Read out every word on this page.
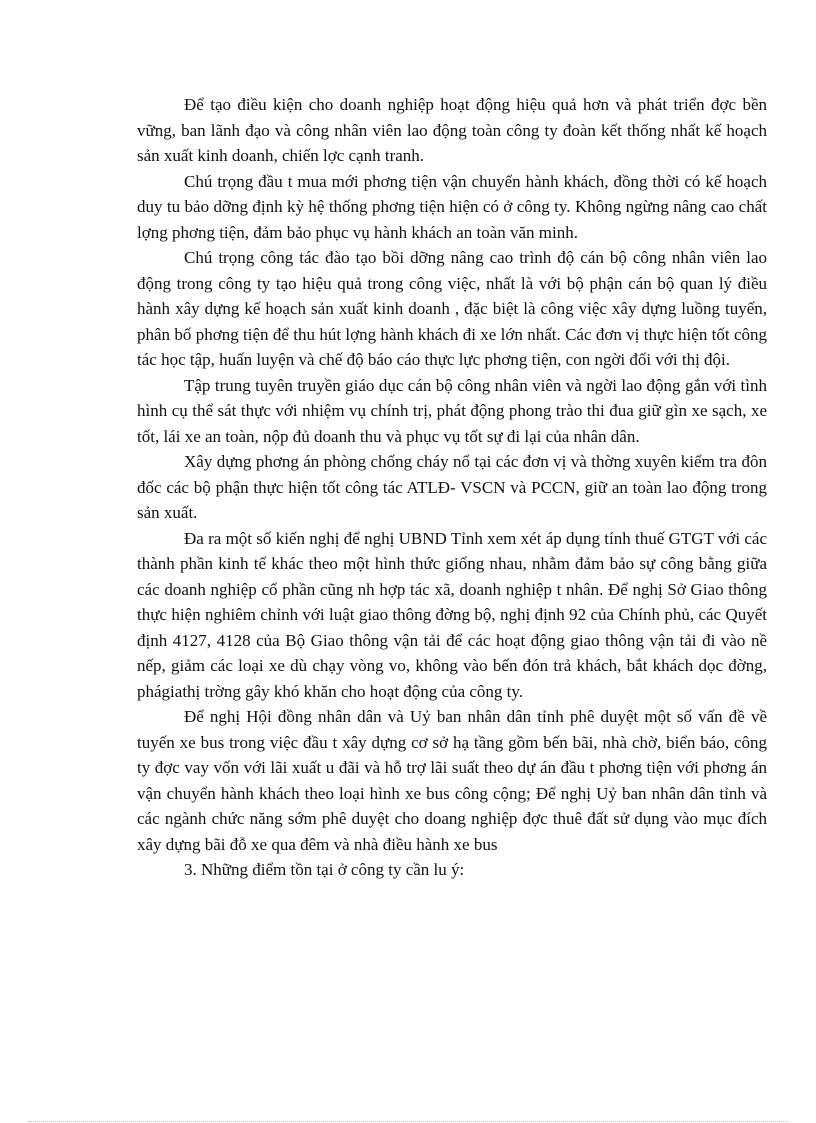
Để tạo điều kiện cho doanh nghiệp hoạt động hiệu quả hơn và phát triển đợc bền vững, ban lãnh đạo và công nhân viên lao động toàn công ty đoàn kết thống nhất kế hoạch sản xuất kinh doanh, chiến lợc cạnh tranh.

Chú trọng đầu t mua mới phơng tiện vận chuyển hành khách, đồng thời có kế hoạch duy tu bảo dỡng định kỳ hệ thống phơng tiện hiện có ở công ty. Không ngừng nâng cao chất lợng phơng tiện, đảm bảo phục vụ hành khách an toàn văn minh.

Chú trọng công tác đào tạo bồi dỡng nâng cao trình độ cán bộ công nhân viên lao động trong công ty tạo hiệu quả trong công việc, nhất là với bộ phận cán bộ quan lý điều hành xây dựng kế hoạch sản xuất kinh doanh , đặc biệt là công việc xây dựng luồng tuyến, phân bố phơng tiện để thu hút lợng hành khách đi xe lớn nhất. Các đơn vị thực hiện tốt công tác học tập, huấn luyện và chế độ báo cáo thực lực phơng tiện, con ngời đối với thị đội.

Tập trung tuyên truyền giáo dục cán bộ công nhân viên và ngời lao động gắn với tình hình cụ thể sát thực với nhiệm vụ chính trị, phát động phong trào thi đua giữ gìn xe sạch, xe tốt, lái xe an toàn, nộp đủ doanh thu và phục vụ tốt sự đi lại của nhân dân.

Xây dựng phơng án phòng chống cháy nổ tại các đơn vị và thờng xuyên kiểm tra đôn đốc các bộ phận thực hiện tốt công tác ATLĐ- VSCN và PCCN, giữ an toàn lao động trong sản xuất.

Đa ra một số kiến nghị để nghị UBND Tỉnh xem xét áp dụng tính thuế GTGT với các thành phần kinh tế khác theo một hình thức giống nhau, nhằm đảm bảo sự công bằng giữa các doanh nghiệp cổ phần cũng nh hợp tác xã, doanh nghiệp t nhân. Để nghị Sở Giao thông thực hiện nghiêm chỉnh với luật giao thông đờng bộ, nghị định 92 của Chính phủ, các Quyết định 4127, 4128 của Bộ Giao thông vận tải để các hoạt động giao thông vận tải đi vào nề nếp, giảm các loại xe dù chạy vòng vo, không vào bến đón trả khách, bắt khách dọc đờng, phágiathị trờng gây khó khăn cho hoạt động của công ty.

Để nghị Hội đồng nhân dân và Uỷ ban nhân dân tỉnh phê duyệt một số vấn đề về tuyến xe bus trong việc đầu t xây dựng cơ sở hạ tầng gồm bến bãi, nhà chờ, biển báo, công ty đợc vay vốn với lãi xuất u đãi và hỗ trợ lãi suất theo dự án đầu t phơng tiện với phơng án vận chuyển hành khách theo loại hình xe bus công cộng; Để nghị Uỷ ban nhân dân tỉnh và các ngành chức năng sớm phê duyệt cho doang nghiệp đợc thuê đất sử dụng vào mục đích xây dựng bãi đỗ xe qua đêm và nhà điều hành xe bus

3. Những điểm tồn tại ở công ty cần lu ý:
